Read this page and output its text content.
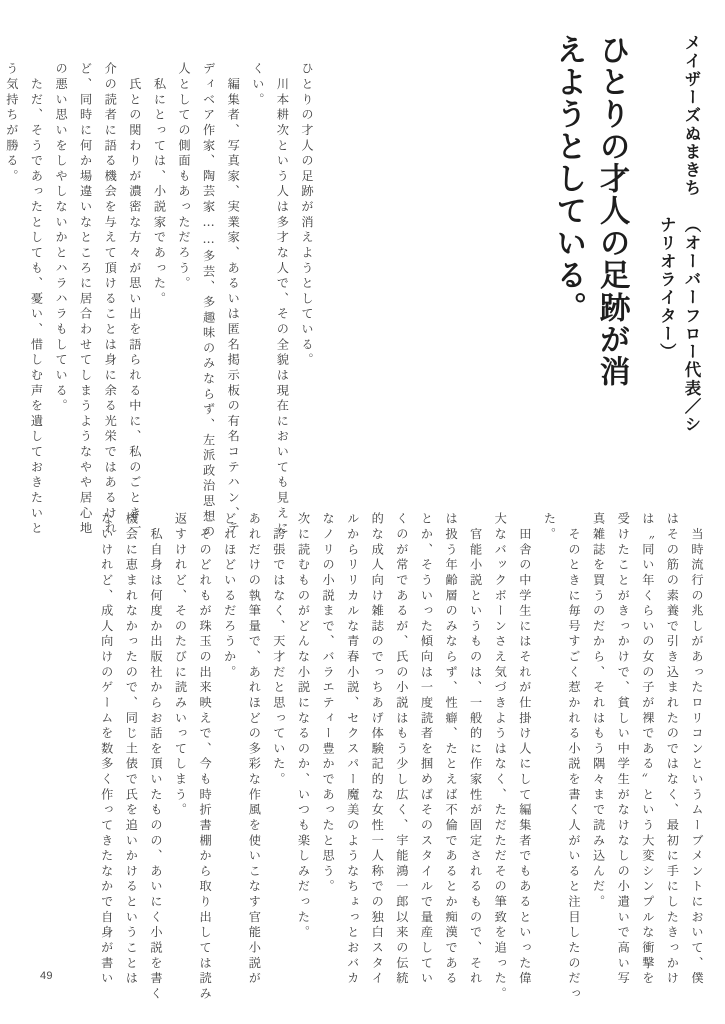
ひとりの才人の足跡が消えようとしている。	メイザーズぬまきち
（オーバーフロー代表／シナリオライター）
ひとりの才人の足跡が消えようとしている。
　川本耕次という人は多才な人で、その全貌は現在においても見えに
くい。
　編集者、写真家、実業家、あるいは匿名掲示板の有名コテハン、テ
ディベア作家、陶芸家……多芸、多趣味のみならず、左派政治思想の
人としての側面もあっただろう。
　私にとっては、小説家であった。
　氏との関わりが濃密な方々が思い出を語られる中に、私のごとき一
介の読者に語る機会を与えて頂けることは身に余る光栄ではあるけれ
ど、同時に何か場違いなところに居合わせてしまうようなやや居心地
の悪い思いをしやしないかとハラハラもしている。
　ただ、そうであったとしても、憂い、惜しむ声を遺しておきたいと
う気持ちが勝る。
　当時流行の兆しがあったロリコンというムーブメントにおいて、僕
はその筋の素養で引き込まれたのではなく、最初に手にしたきっかけ
は〝同い年くらいの女の子が裸である〟という大変シンプルな衝撃を
受けたことがきっかけで、貧しい中学生がなけなしの小遣いで高い写
真雑誌を買うのだから、それはもう隅々まで読み込んだ。
　そのときに毎号すごく惹かれる小説を書く人がいると注目したのだっ
た。
　田舎の中学生にはそれが仕掛け人にして編集者でもあるといった偉
大なバックボーンさえ気づきようはなく、ただただその筆致を追った。
　官能小説というものは、一般的に作家性が固定されるもので、それ
は扱う年齢層のみならず、性癖、たとえば不倫であるとか痴漢である
とか、そういった傾向は一度読者を掴めばそのスタイルで量産してい
くのが常であるが、氏の小説はもう少し広く、宇能鴻一郎以来の伝統
的な成人向け雑誌のでっちあげ体験記的な女性一人称での独白スタイ
ルからリリカルな青春小説、セクスパー魔美のようなちょっとおバカ
なノリの小説まで、バラエティー豊かであったと思う。
次に読むものがどんな小説になるのか、いつも楽しみだった。
　誇張ではなく、天才だと思っていた。
あれだけの執筆量で、あれほどの多彩な作風を使いこなす官能小説が
どれほどいるだろうか。
　そのどれもが珠玉の出来映えで、今も時折書棚から取り出しては読み
返すけれど、そのたびに読みいってしまう。
　私自身は何度か出版社からお話を頂いたものの、あいにく小説を書く
機会に恵まれなかったので、同じ土俵で氏を追いかけるということは
ないけれど、成人向けのゲームを数多く作ってきたなかで自身が書い
49
